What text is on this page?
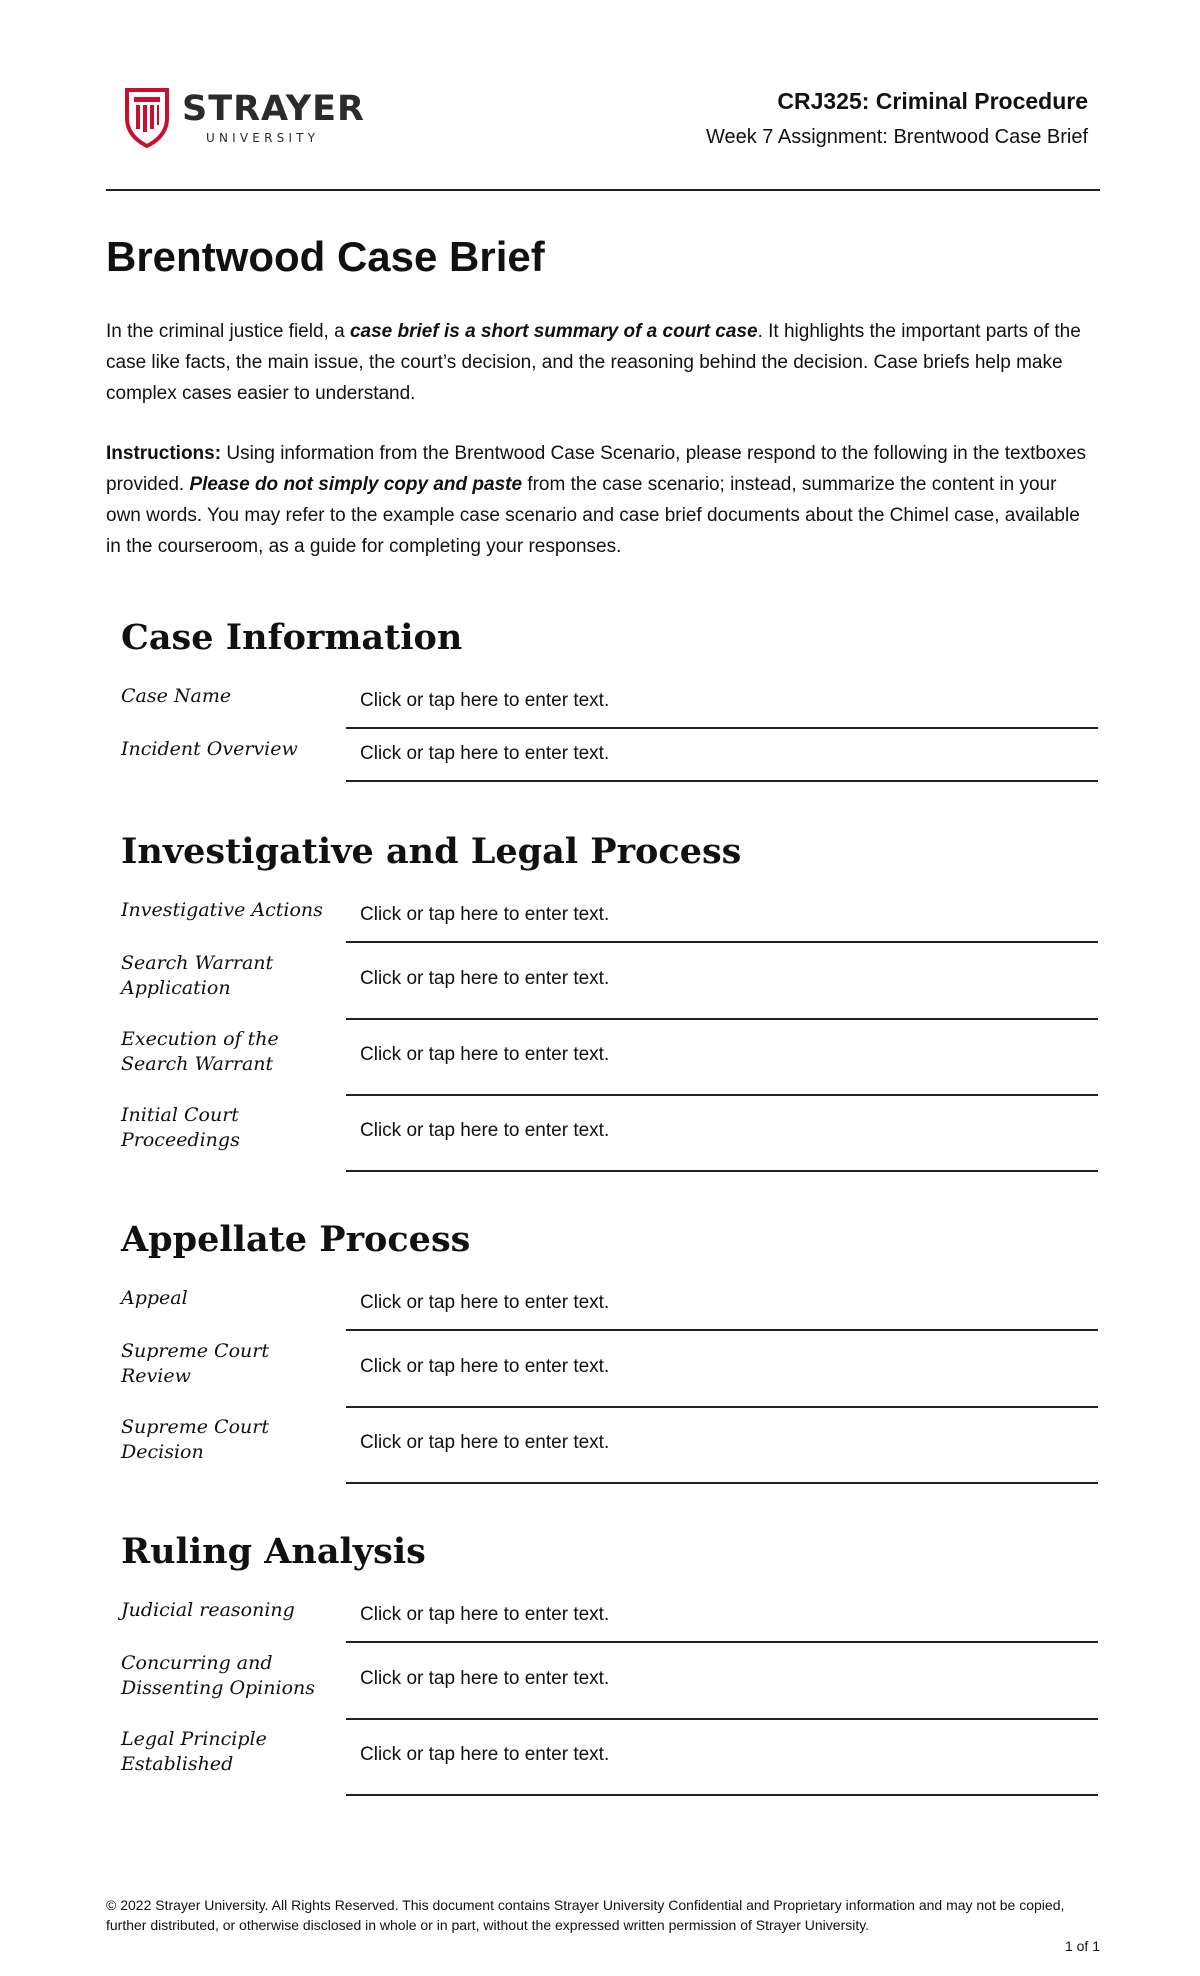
STRAYER
UNIVERSITY
CRJ325: Criminal Procedure
Week 7 Assignment: Brentwood Case Brief
Brentwood Case Brief

In the criminal justice field, a case brief is a short summary of a court case. It highlights the important parts of the case like facts, the main issue, the court’s decision, and the reasoning behind the decision. Case briefs help make complex cases easier to understand.

Instructions: Using information from the Brentwood Case Scenario, please respond to the following in the textboxes provided. Please do not simply copy and paste from the case scenario; instead, summarize the content in your own words. You may refer to the example case scenario and case brief documents about the Chimel case, available in the courseroom, as a guide for completing your responses.

Case Information
Case Name	Click or tap here to enter text.
Incident Overview	Click or tap here to enter text.
Investigative and Legal Process
Investigative Actions	Click or tap here to enter text.
Search Warrant Application	Click or tap here to enter text.
Execution of the Search Warrant	Click or tap here to enter text.
Initial Court Proceedings	Click or tap here to enter text.
Appellate Process
Appeal	Click or tap here to enter text.
Supreme Court Review	Click or tap here to enter text.
Supreme Court Decision	Click or tap here to enter text.
Ruling Analysis
Judicial reasoning	Click or tap here to enter text.
Concurring and Dissenting Opinions	Click or tap here to enter text.
Legal Principle Established	Click or tap here to enter text.

© 2022 Strayer University. All Rights Reserved. This document contains Strayer University Confidential and Proprietary information and may not be copied, further distributed, or otherwise disclosed in whole or in part, without the expressed written permission of Strayer University.

1 of 1
